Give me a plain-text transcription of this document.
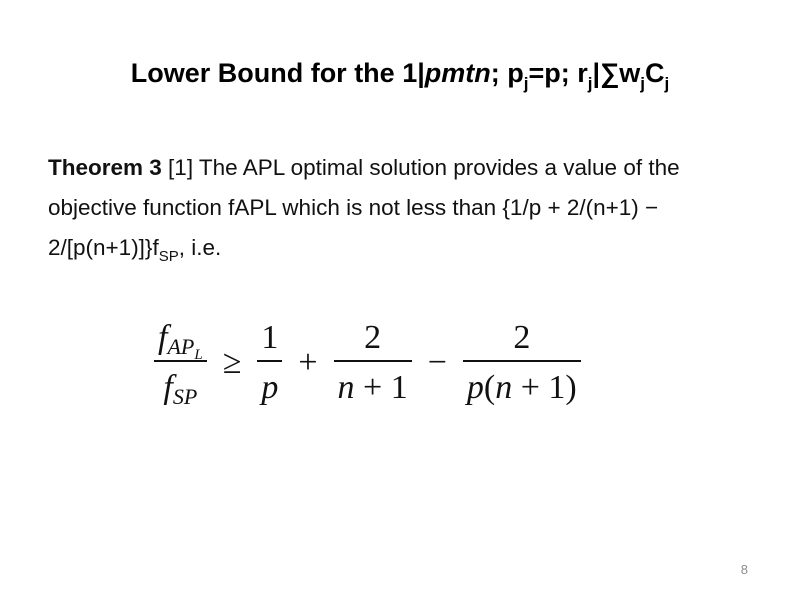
Lower Bound for the 1|pmtn; $p_j=p$; $r_j|\sum w_jC_j$
Theorem 3 [1] The APL optimal solution provides a value of the objective function fAPL which is not less than $\{1/p + 2/(n+1) - 2/[p(n+1)]\}f_{SP}$, i.e.
$\frac{fAP_L}{\text{fSP}} \ge \frac{1}{p} + \frac{2}{n + 1} - \frac{2}{p(n + 1)}$
8
